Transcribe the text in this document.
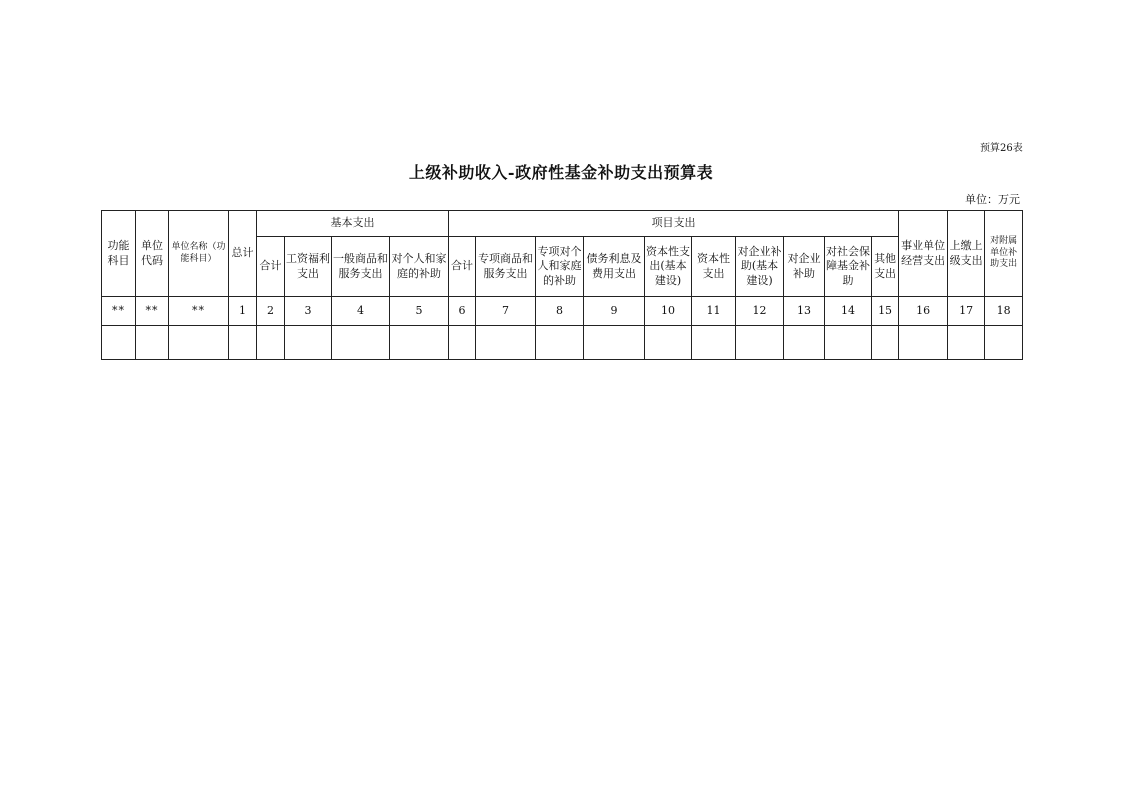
预算26表
上级补助收入-政府性基金补助支出预算表
单位：万元
功能科目	单位代码	单位名称（功能科目）	总计	基本支出				项目支出										事业单位经营支出	上缴上级支出	对附属单位补助支出
				合计	工资福利支出	一般商品和服务支出	对个人和家庭的补助	合计	专项商品和服务支出	专项对个人和家庭的补助	债务利息及费用支出	资本性支出(基本建设)	资本性支出	对企业补助(基本建设)	对企业补助	对社会保障基金补助	其他支出			
**	**	**	1	2	3	4	5	6	7	8	9	10	11	12	13	14	15	16	17	18
